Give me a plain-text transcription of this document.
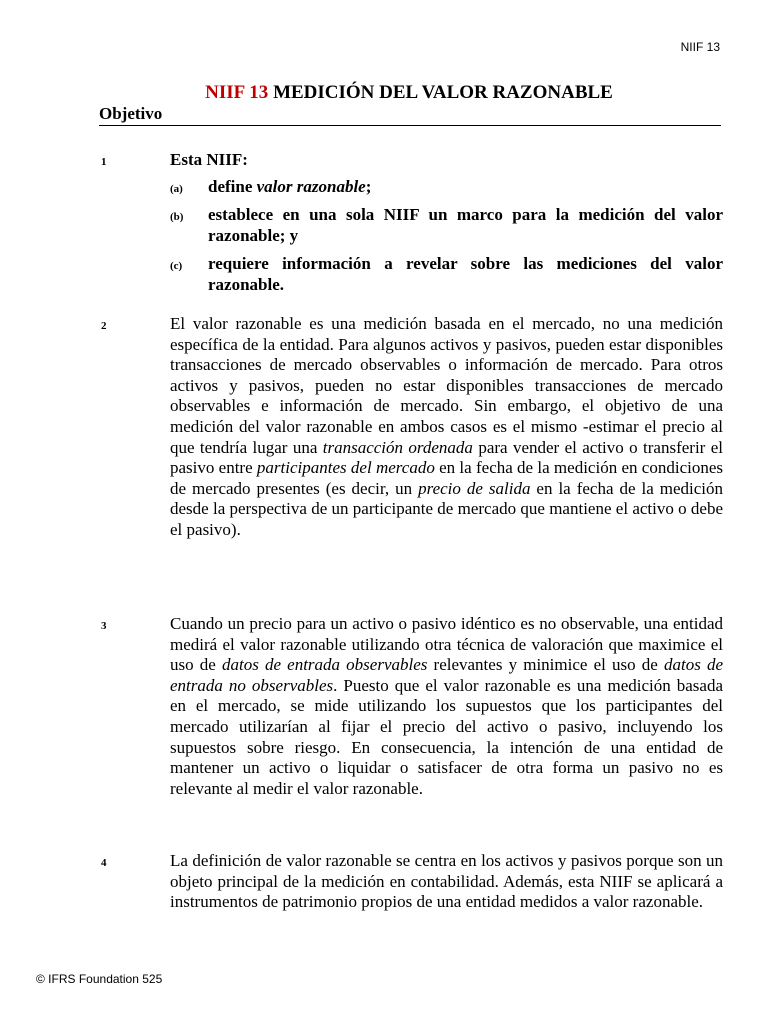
NIIF 13
NIIF 13 MEDICIÓN DEL VALOR RAZONABLE
Objetivo
1	Esta NIIF:
(a) define valor razonable;
(b) establece en una sola NIIF un marco para la medición del valor razonable; y
(c) requiere información a revelar sobre las mediciones del valor razonable.
2	El valor razonable es una medición basada en el mercado, no una medición específica de la entidad. Para algunos activos y pasivos, pueden estar disponibles transacciones de mercado observables o información de mercado. Para otros activos y pasivos, pueden no estar disponibles transacciones de mercado observables e información de mercado. Sin embargo, el objetivo de una medición del valor razonable en ambos casos es el mismo -estimar el precio al que tendría lugar una transacción ordenada para vender el activo o transferir el pasivo entre participantes del mercado en la fecha de la medición en condiciones de mercado presentes (es decir, un precio de salida en la fecha de la medición desde la perspectiva de un participante de mercado que mantiene el activo o debe el pasivo).
3	Cuando un precio para un activo o pasivo idéntico es no observable, una entidad medirá el valor razonable utilizando otra técnica de valoración que maximice el uso de datos de entrada observables relevantes y minimice el uso de datos de entrada no observables. Puesto que el valor razonable es una medición basada en el mercado, se mide utilizando los supuestos que los participantes del mercado utilizarían al fijar el precio del activo o pasivo, incluyendo los supuestos sobre riesgo. En consecuencia, la intención de una entidad de mantener un activo o liquidar o satisfacer de otra forma un pasivo no es relevante al medir el valor razonable.
4	La definición de valor razonable se centra en los activos y pasivos porque son un objeto principal de la medición en contabilidad. Además, esta NIIF se aplicará a instrumentos de patrimonio propios de una entidad medidos a valor razonable.
© IFRS Foundation 525
